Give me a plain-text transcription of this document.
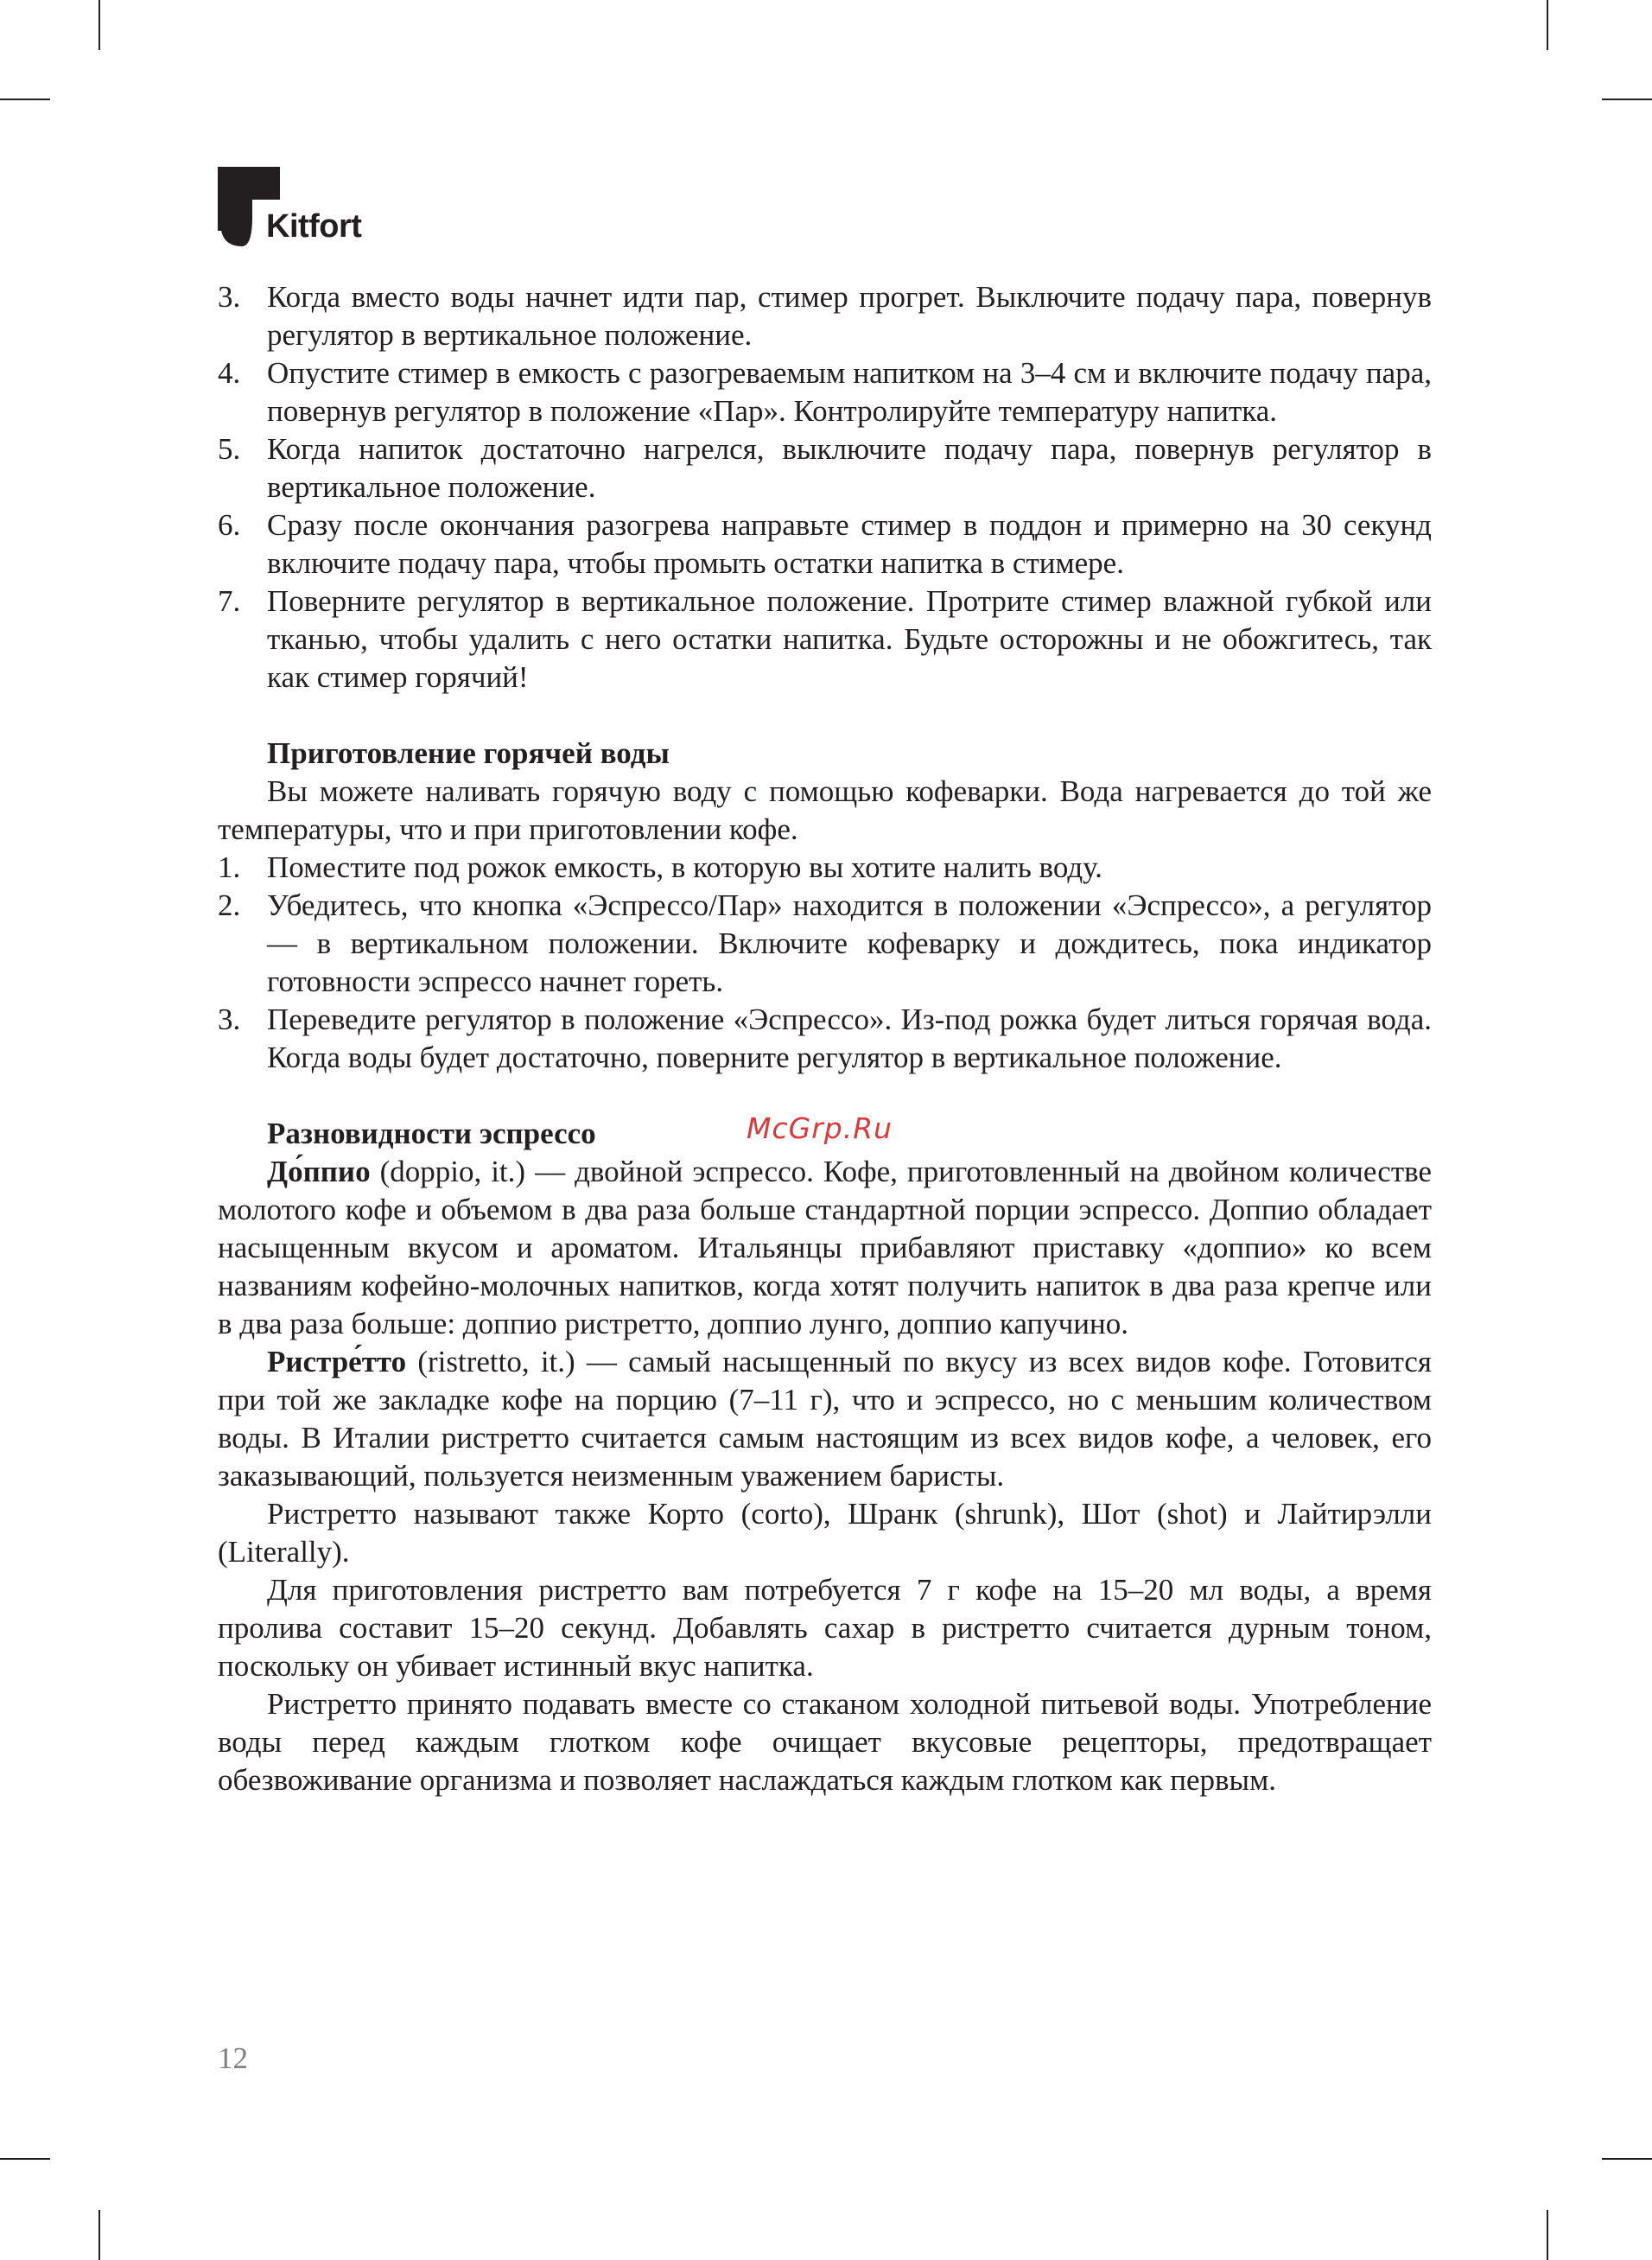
Kitfort
3. Когда вместо воды начнет идти пар, стимер прогрет. Выключите подачу пара, повернув регулятор в вертикальное положение.
4. Опустите стимер в емкость с разогреваемым напитком на 3–4 см и включите подачу пара, повернув регулятор в положение «Пар». Контролируйте температуру напитка.
5. Когда напиток достаточно нагрелся, выключите подачу пара, повернув регулятор в вертикальное положение.
6. Сразу после окончания разогрева направьте стимер в поддон и примерно на 30 секунд включите подачу пара, чтобы промыть остатки напитка в стимере.
7. Поверните регулятор в вертикальное положение. Протрите стимер влажной губкой или тканью, чтобы удалить с него остатки напитка. Будьте осторожны и не обожгитесь, так как стимер горячий!
Приготовление горячей воды

Вы можете наливать горячую воду с помощью кофеварки. Вода нагревается до той же температуры, что и при приготовлении кофе.

1. Поместите под рожок емкость, в которую вы хотите налить воду.
2. Убедитесь, что кнопка «Эспрессо/Пар» находится в положении «Эспрессо», а регулятор — в вертикальном положении. Включите кофеварку и дождитесь, пока индикатор готовности эспрессо начнет гореть.
3. Переведите регулятор в положение «Эспрессо». Из-под рожка будет литься горячая вода. Когда воды будет достаточно, поверните регулятор в вертикальное положение.
Разновидности эспрессо

До́ппио (doppio, it.) — двойной эспрессо. Кофе, приготовленный на двойном количестве молотого кофе и объемом в два раза больше стандартной порции эспрессо. Доппио обладает насыщенным вкусом и ароматом. Итальянцы прибавляют приставку «доппио» ко всем названиям кофейно-молочных напитков, когда хотят получить напиток в два раза крепче или в два раза больше: доппио ристретто, доппио лунго, доппио капучино.

Ристре́тто (ristretto, it.) — самый насыщенный по вкусу из всех видов кофе. Готовится при той же закладке кофе на порцию (7–11 г), что и эспрессо, но с меньшим количеством воды. В Италии ристретто считается самым настоящим из всех видов кофе, а человек, его заказывающий, пользуется неизменным уважением баристы.

Ристретто называют также Корто (corto), Шранк (shrunk), Шот (shot) и Лайтирэлли (Literally).

Для приготовления ристретто вам потребуется 7 г кофе на 15–20 мл воды, а время пролива составит 15–20 секунд. Добавлять сахар в ристретто считается дурным тоном, поскольку он убивает истинный вкус напитка.

Ристретто принято подавать вместе со стаканом холодной питьевой воды. Употребление воды перед каждым глотком кофе очищает вкусовые рецепторы, предотвращает обезвоживание организма и позволяет наслаждаться каждым глотком как первым.

McGrp.Ru
12
